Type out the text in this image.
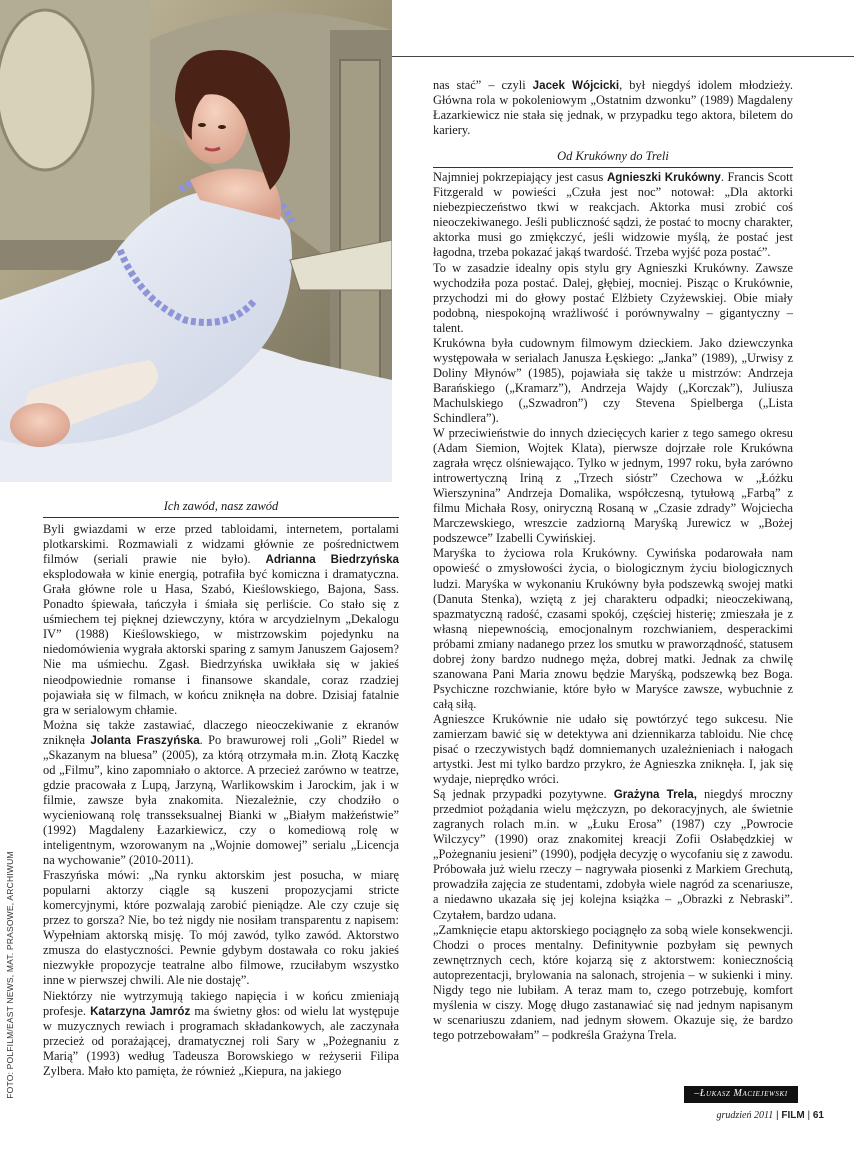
FOTO: POLFILM/EAST NEWS, MAT. PRASOWE, ARCHIWUM
Ich zawód, nasz zawód

Byli gwiazdami w erze przed tabloidami, internetem, portalami plotkarskimi. Rozmawiali z widzami głównie ze pośrednictwem filmów (seriali prawie nie było). Adrianna Biedrzyńska eksplodowała w kinie energią, potrafiła być komiczna i dramatyczna. Grała główne role u Hasa, Szabó, Kieślowskiego, Bajona, Sass. Ponadto śpiewała, tańczyła i śmiała się perliście. Co stało się z uśmiechem tej pięknej dziewczyny, która w arcydzielnym „Dekalogu IV” (1988) Kieślowskiego, w mistrzowskim pojedynku na niedomówienia wygrała aktorski sparing z samym Januszem Gajosem? Nie ma uśmiechu. Zgasł. Biedrzyńska uwikłała się w jakieś nieodpowiednie romanse i finansowe skandale, coraz rzadziej pojawiała się w filmach, w końcu zniknęła na dobre. Dzisiaj fatalnie gra w serialowym chłamie.

Można się także zastawiać, dlaczego nieoczekiwanie z ekranów zniknęła Jolanta Fraszyńska. Po brawurowej roli „Goli” Riedel w „Skazanym na bluesa” (2005), za którą otrzymała m.in. Złotą Kaczkę od „Filmu”, kino zapomniało o aktorce. A przecież zarówno w teatrze, gdzie pracowała z Lupą, Jarzyną, Warlikowskim i Jarockim, jak i w filmie, zawsze była znakomita. Niezależnie, czy chodziło o wycieniowaną rolę transseksualnej Bianki w „Białym małżeństwie” (1992) Magdaleny Łazarkiewicz, czy o komediową rolę w inteligentnym, wzorowanym na „Wojnie domowej” serialu „Licencja na wychowanie” (2010-2011).

Fraszyńska mówi: „Na rynku aktorskim jest posucha, w miarę popularni aktorzy ciągle są kuszeni propozycjami stricte komercyjnymi, które pozwalają zarobić pieniądze. Ale czy czuje się przez to gorsza? Nie, bo też nigdy nie nosiłam transparentu z napisem: Wypełniam aktorską misję. To mój zawód, tylko zawód. Aktorstwo zmusza do elastyczności. Pewnie gdybym dostawała co roku jakieś niezwykłe propozycje teatralne albo filmowe, rzuciłabym wszystko inne w pierwszej chwili. Ale nie dostaję”.

Niektórzy nie wytrzymują takiego napięcia i w końcu zmieniają profesje. Katarzyna Jamróz ma świetny głos: od wielu lat występuje w muzycznych rewiach i programach składankowych, ale zaczynała przecież od porażającej, dramatycznej roli Sary w „Pożegnaniu z Marią” (1993) według Tadeusza Borowskiego w reżyserii Filipa Zylbera. Mało kto pamięta, że również „Kiepura, na jakiego

nas stać” – czyli Jacek Wójcicki, był niegdyś idolem młodzieży. Główna rola w pokoleniowym „Ostatnim dzwonku” (1989) Magdaleny Łazarkiewicz nie stała się jednak, w przypadku tego aktora, biletem do kariery.

Od Krukówny do Treli

Najmniej pokrzepiający jest casus Agnieszki Krukówny. Francis Scott Fitzgerald w powieści „Czuła jest noc” notował: „Dla aktorki niebezpieczeństwo tkwi w reakcjach. Aktorka musi zrobić coś nieoczekiwanego. Jeśli publiczność sądzi, że postać to mocny charakter, aktorka musi go zmiękczyć, jeśli widzowie myślą, że postać jest łagodna, trzeba pokazać jakąś twardość. Trzeba wyjść poza postać”.

To w zasadzie idealny opis stylu gry Agnieszki Krukówny. Zawsze wychodziła poza postać. Dalej, głębiej, mocniej. Pisząc o Krukównie, przychodzi mi do głowy postać Elżbiety Czyżewskiej. Obie miały podobną, niespokojną wrażliwość i porównywalny – gigantyczny – talent.

Krukówna była cudownym filmowym dzieckiem. Jako dziewczynka występowała w serialach Janusza Łęskiego: „Janka” (1989), „Urwisy z Doliny Młynów” (1985), pojawiała się także u mistrzów: Andrzeja Barańskiego („Kramarz”), Andrzeja Wajdy („Korczak”), Juliusza Machulskiego („Szwadron”) czy Stevena Spielberga („Lista Schindlera”).

W przeciwieństwie do innych dziecięcych karier z tego samego okresu (Adam Siemion, Wojtek Klata), pierwsze dojrzałe role Krukówna zagrała wręcz olśniewająco. Tylko w jednym, 1997 roku, była zarówno introwertyczną Iriną z „Trzech sióstr” Czechowa w „Łóżku Wierszynina” Andrzeja Domalika, współczesną, tytułową „Farbą” z filmu Michała Rosy, oniryczną Rosaną w „Czasie zdrady” Wojciecha Marczewskiego, wreszcie zadziorną Maryśką Jurewicz w „Bożej podszewce” Izabelli Cywińskiej.

Maryśka to życiowa rola Krukówny. Cywińska podarowała nam opowieść o zmysłowości życia, o biologicznym życiu biologicznych ludzi. Maryśka w wykonaniu Krukówny była podszewką swojej matki (Danuta Stenka), wziętą z jej charakteru odpadki; nieoczekiwaną, spazmatyczną radość, czasami spokój, częściej histerię; zmieszała je z własną niepewnością, emocjonalnym rozchwianiem, desperackimi próbami zmiany nadanego przez los smutku w praworządność, statusem dobrej żony bardzo nudnego męża, dobrej matki. Jednak za chwilę szanowana Pani Maria znowu będzie Maryśką, podszewką bez Boga. Psychiczne rozchwianie, które było w Maryśce zawsze, wybuchnie z całą siłą.

Agnieszce Krukównie nie udało się powtórzyć tego sukcesu. Nie zamierzam bawić się w detektywa ani dziennikarza tabloidu. Nie chcę pisać o rzeczywistych bądź domniemanych uzależnieniach i nałogach artystki. Jest mi tylko bardzo przykro, że Agnieszka zniknęła. I, jak się wydaje, nieprędko wróci.

Są jednak przypadki pozytywne. Grażyna Trela, niegdyś mroczny przedmiot pożądania wielu mężczyzn, po dekoracyjnych, ale świetnie zagranych rolach m.in. w „Łuku Erosa” (1987) czy „Powrocie Wilczycy” (1990) oraz znakomitej kreacji Zofii Osłabędzkiej w „Pożegnaniu jesieni” (1990), podjęła decyzję o wycofaniu się z zawodu. Próbowała już wielu rzeczy – nagrywała piosenki z Markiem Grechutą, prowadziła zajęcia ze studentami, zdobyła wiele nagród za scenariusze, a niedawno ukazała się jej kolejna książka – „Obrazki z Nebraski”. Czytałem, bardzo udana.

„Zamknięcie etapu aktorskiego pociągnęło za sobą wiele konsekwencji. Chodzi o proces mentalny. Definitywnie pozbyłam się pewnych zewnętrznych cech, które kojarzą się z aktorstwem: koniecznością autoprezentacji, brylowania na salonach, strojenia – w sukienki i miny. Nigdy tego nie lubiłam. A teraz mam to, czego potrzebuję, komfort myślenia w ciszy. Mogę długo zastanawiać się nad jednym napisanym w scenariuszu zdaniem, nad jednym słowem. Okazuje się, że bardzo tego potrzebowałam” – podkreśla Grażyna Trela.

–Łukasz Maciejewski
grudzień 2011 | FILM | 61
